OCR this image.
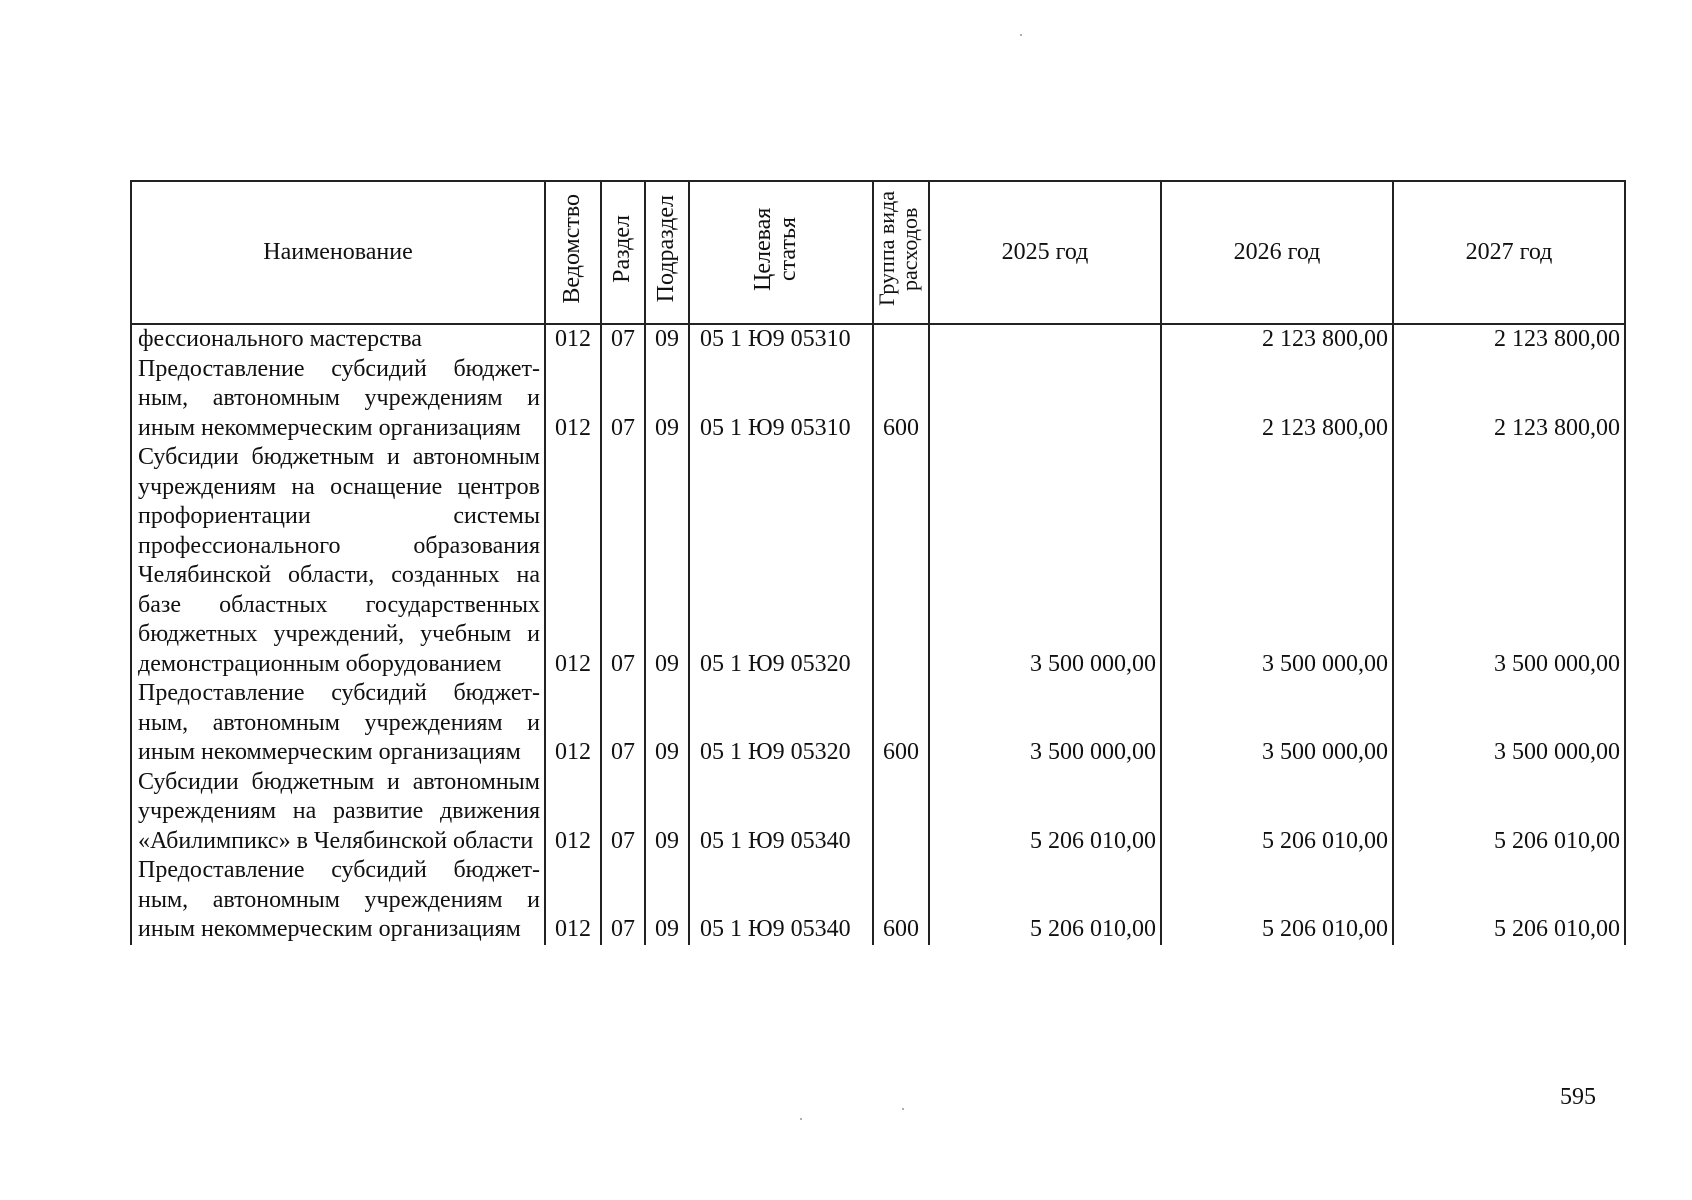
Наименование	Ведомство	Раздел	Подраздел	Целевая статья	Группа вида расходов	2025 год	2026 год	2027 год
фессионального мастерства	012	07	09	05 1 Ю9 05310			2 123 800,00	2 123 800,00
Предоставление субсидий бюджетным, автономным учреждениям и иным некоммерческим организациям	012	07	09	05 1 Ю9 05310	600		2 123 800,00	2 123 800,00
Субсидии бюджетным и автономным учреждениям на оснащение центров профориентации системы профессионального образования Челябинской области, созданных на базе областных государственных бюджетных учреждений, учебным и демонстрационным оборудованием	012	07	09	05 1 Ю9 05320		3 500 000,00	3 500 000,00	3 500 000,00
Предоставление субсидий бюджетным, автономным учреждениям и иным некоммерческим организациям	012	07	09	05 1 Ю9 05320	600	3 500 000,00	3 500 000,00	3 500 000,00
Субсидии бюджетным и автономным учреждениям на развитие движения «Абилимпикс» в Челябинской области	012	07	09	05 1 Ю9 05340		5 206 010,00	5 206 010,00	5 206 010,00
Предоставление субсидий бюджетным, автономным учреждениям и иным некоммерческим организациям	012	07	09	05 1 Ю9 05340	600	5 206 010,00	5 206 010,00	5 206 010,00
595
